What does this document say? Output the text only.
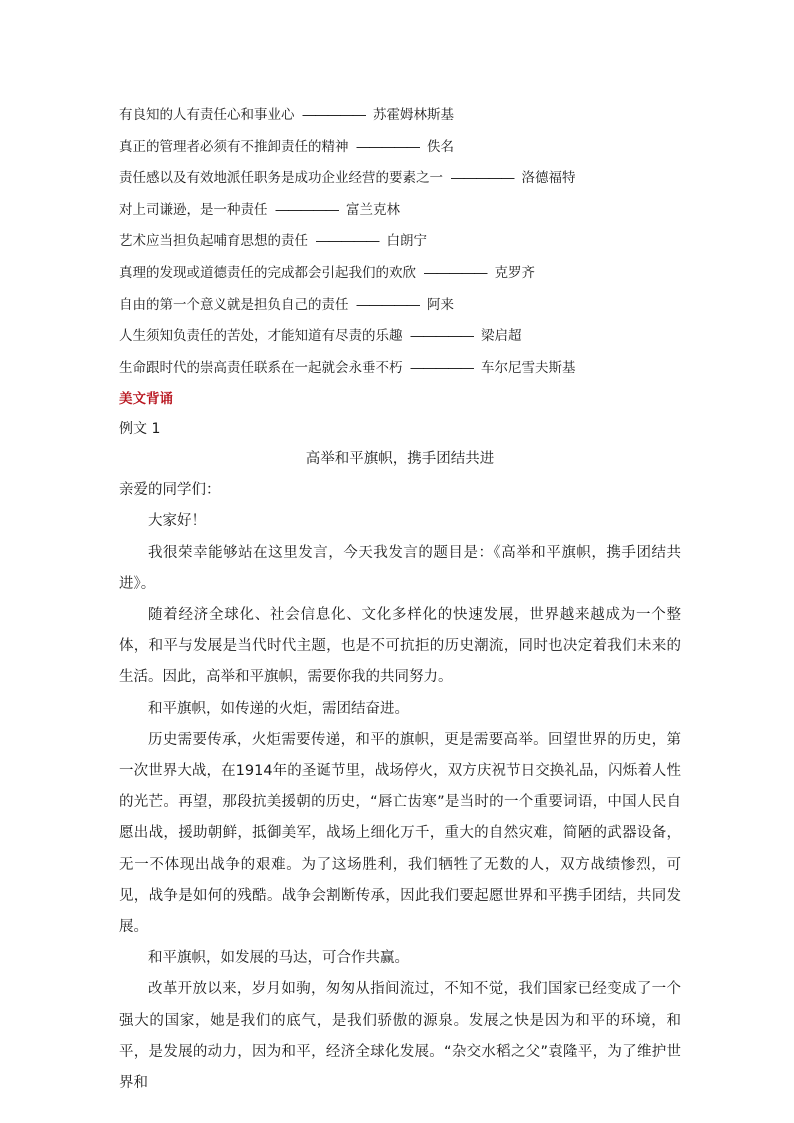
有良知的人有责任心和事业心 ――――― 苏霍姆林斯基
真正的管理者必须有不推卸责任的精神 ――――― 佚名
责任感以及有效地派任职务是成功企业经营的要素之一 ――――― 洛德福特
对上司谦逊，是一种责任 ――――― 富兰克林
艺术应当担负起哺育思想的责任 ――――― 白朗宁
真理的发现或道德责任的完成都会引起我们的欢欣 ――――― 克罗齐
自由的第一个意义就是担负自己的责任 ――――― 阿来
人生须知负责任的苦处，才能知道有尽责的乐趣 ――――― 梁启超
生命跟时代的崇高责任联系在一起就会永垂不朽 ――――― 车尔尼雪夫斯基
美文背诵
例文 1
高举和平旗帜，携手团结共进
亲爱的同学们：

大家好！

我很荣幸能够站在这里发言，今天我发言的题目是：《高举和平旗帜，携手团结共进》。

随着经济全球化、社会信息化、文化多样化的快速发展，世界越来越成为一个整体，和平与发展是当代时代主题，也是不可抗拒的历史潮流，同时也决定着我们未来的生活。因此，高举和平旗帜，需要你我的共同努力。

和平旗帜，如传递的火炬，需团结奋进。

历史需要传承，火炬需要传递，和平的旗帜，更是需要高举。回望世界的历史，第一次世界大战，在1914年的圣诞节里，战场停火，双方庆祝节日交换礼品，闪烁着人性的光芒。再望，那段抗美援朝的历史，“唇亡齿寒”是当时的一个重要词语，中国人民自愿出战，援助朝鲜，抵御美军，战场上细化万千，重大的自然灾难，简陋的武器设备，无一不体现出战争的艰难。为了这场胜利，我们牺牲了无数的人，双方战绩惨烈，可见，战争是如何的残酷。战争会割断传承，因此我们要起愿世界和平携手团结，共同发展。

和平旗帜，如发展的马达，可合作共赢。

改革开放以来，岁月如驹，匆匆从指间流过，不知不觉，我们国家已经变成了一个强大的国家，她是我们的底气，是我们骄傲的源泉。发展之快是因为和平的环境，和平，是发展的动力，因为和平，经济全球化发展。“杂交水稻之父”袁隆平，为了维护世界和
